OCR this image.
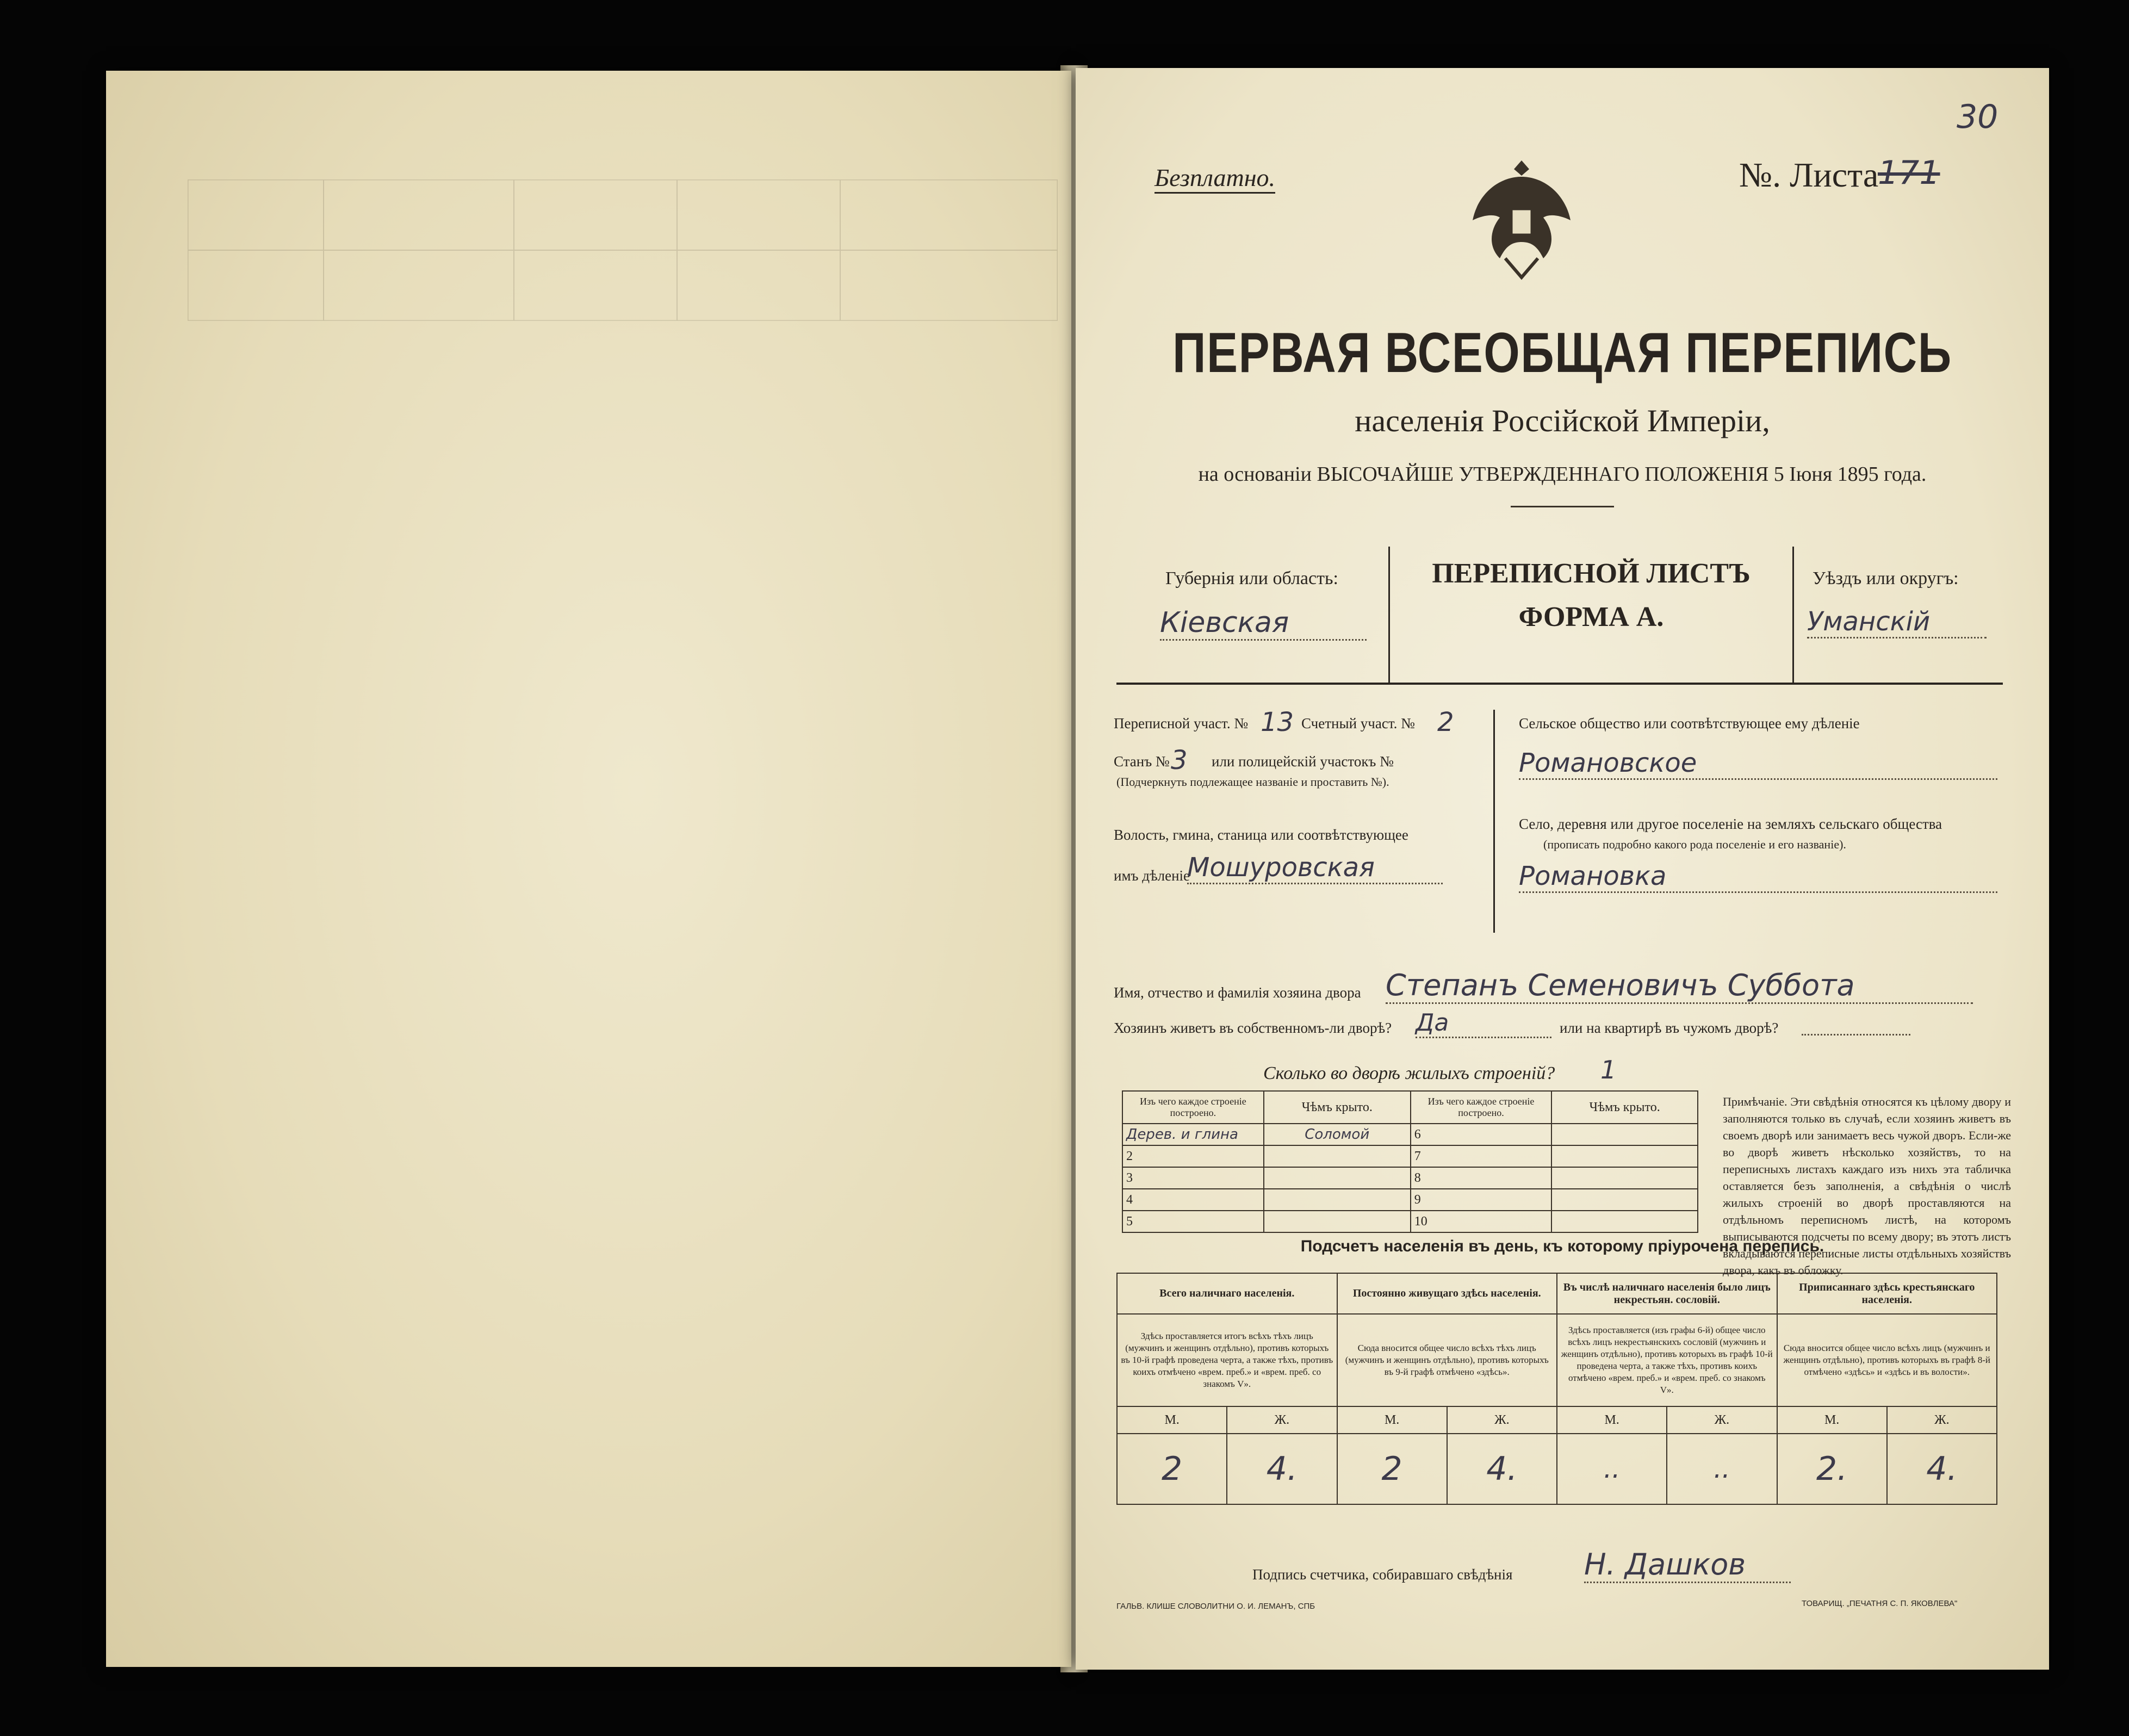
30
Безплатно.	№. Листа
171
ПЕРВАЯ ВСЕОБЩАЯ ПЕРЕПИСЬ
населенія Россійской Имперіи,
на основаніи ВЫСОЧАЙШЕ УТВЕРЖДЕННАГО ПОЛОЖЕНІЯ 5 Іюня 1895 года.
Губернія или область:
Кіевская
ПЕРЕПИСНОЙ ЛИСТЪ
ФОРМА А.
Уѣздъ или округъ:
Уманскій
Переписной участ. № 13 Счетный участ. № 2
Станъ № 3 или полицейскій участокъ №
(Подчеркнуть подлежащее названіе и проставить №).
Волость, гмина, станица или соотвѣтствующее
имъ дѣленіе
Мошуровская
Сельское общество или соотвѣтствующее ему дѣленіе
Романовское
Село, деревня или другое поселеніе на земляхъ сельскаго общества
(прописать подробно какого рода поселеніе и его названіе).
Романовка
Имя, отчество и фамилія хозяина двора Степанъ Семеновичъ Суббота
Хозяинъ живетъ въ собственномъ-ли дворѣ? Да	или на квартирѣ въ чужомъ дворѣ?
Сколько во дворѣ жилыхъ строеній? 1
Изъ чего каждое строеніе построено.	Чѣмъ крыто.	Изъ чего каждое строеніе построено.	Чѣмъ крыто.
Дерев. и глина	Соломой	6	
2		7	
3		8	
4		9	
5		10	
Примѣчаніе. Эти свѣдѣнія относятся къ цѣлому двору и заполняются только въ случаѣ, если хозяинъ живетъ въ своемъ дворѣ или занимаетъ весь чужой дворъ. Если-же во дворѣ живетъ нѣсколько хозяйствъ, то на переписныхъ листахъ каждаго изъ нихъ эта табличка оставляется безъ заполненія, а свѣдѣнія о числѣ жилыхъ строеній во дворѣ проставляются на отдѣльномъ переписномъ листѣ, на которомъ выписываются подсчеты по всему двору; въ этотъ листъ вкладываются переписные листы отдѣльныхъ хозяйствъ двора, какъ въ обложку.
Подсчетъ населенія въ день, къ которому пріурочена перепись.
Всего наличнаго населенія.		Постоянно живущаго здѣсь населенія.		Въ числѣ наличнаго населенія было лицъ некрестьян. сословій.		Приписаннаго здѣсь крестьянскаго населенія.	
Здѣсь проставляется итогъ всѣхъ тѣхъ лицъ (мужчинъ и женщинъ отдѣльно), противъ которыхъ въ 10-й графѣ проведена черта, а также тѣхъ, противъ коихъ отмѣчено «врем. преб.» и «врем. преб. со знакомъ V».		Сюда вносится общее число всѣхъ тѣхъ лицъ (мужчинъ и женщинъ отдѣльно), противъ которыхъ въ 9-й графѣ отмѣчено «здѣсь».		Здѣсь проставляется (изъ графы 6-й) общее число всѣхъ лицъ некрестьянскихъ сословій (мужчинъ и женщинъ отдѣльно), противъ которыхъ въ графѣ 10-й проведена черта, а также тѣхъ, противъ коихъ отмѣчено «врем. преб.» и «врем. преб. со знакомъ V».		Сюда вносится общее число всѣхъ лицъ (мужчинъ и женщинъ отдѣльно), противъ которыхъ въ графѣ 8-й отмѣчено «здѣсь» и «здѣсь и въ волости».	
М.	Ж.	М.	Ж.	М.	Ж.	М.	Ж.
2	4.	2	4.	..	..	2.	4.
Подпись счетчика, собиравшаго свѣдѣнія Н. Дашков
ГАЛЬВ. КЛИШЕ СЛОВОЛИТНИ О. И. ЛЕМАНЪ, СПБ	ТОВАРИЩ. „ПЕЧАТНЯ С. П. ЯКОВЛЕВА"
